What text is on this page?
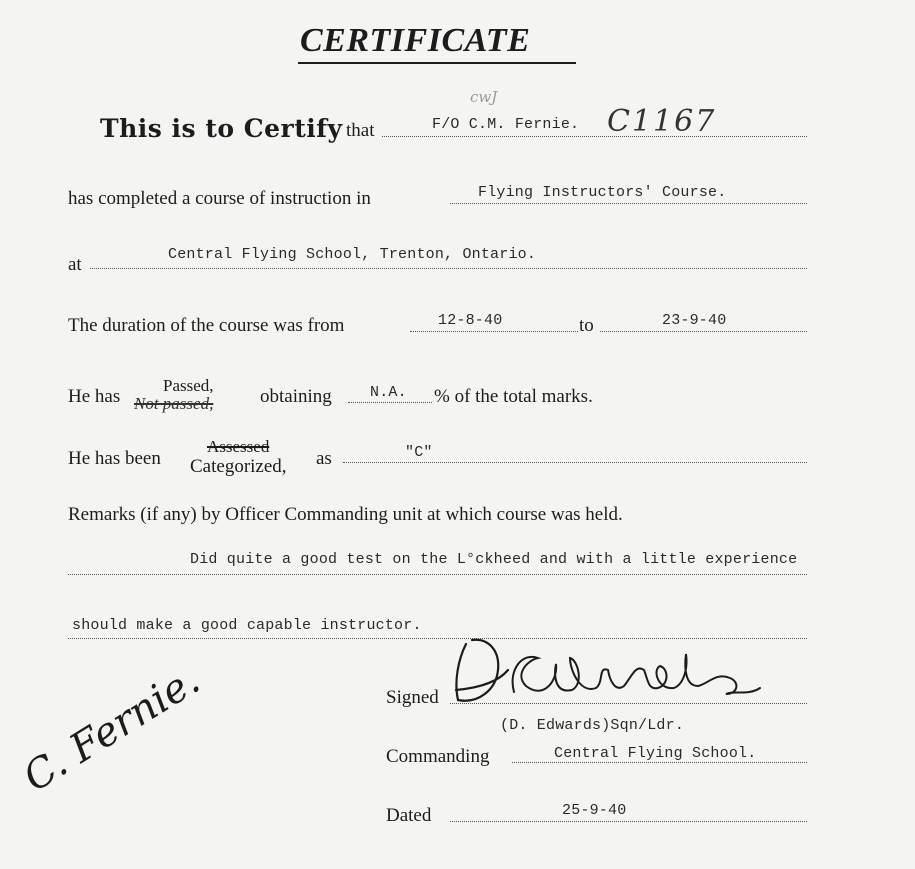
CERTIFICATE
This is to Certify that	F/O C.M. Fernie. C1167
cwJ
has completed a course of instruction in	Flying Instructors' Course.
at	Central Flying School, Trenton, Ontario.
The duration of the course was from	12-8-40	to	23-9-40
He has
Passed,
Not passed, obtaining	N.A. % of the total marks.
He has been
Assessed
Categorized, as	"C"
Remarks (if any) by Officer Commanding unit at which course was held.
Did quite a good test on the L°ckheed and with a little experience
should make a good capable instructor.
Signed
(D. Edwards)Sqn/Ldr.
Commanding	Central Flying School.
Dated	25-9-40
C. Fernie.
